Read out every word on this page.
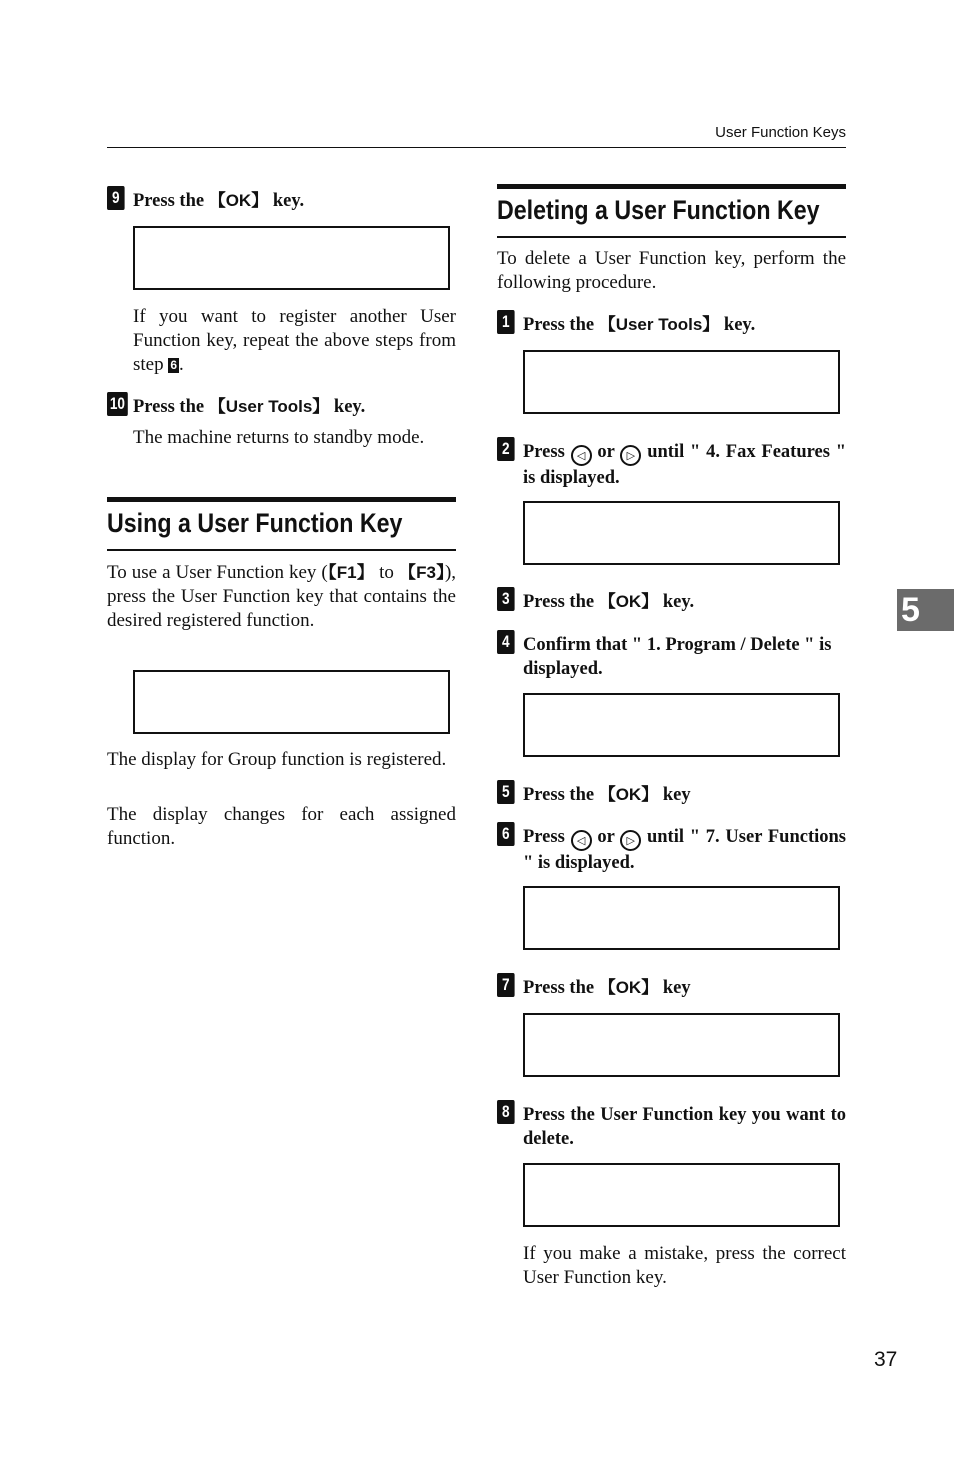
User Function Keys
9 Press the 【OK】 key.

If you want to register another User Function key, repeat the above steps from step 6 .
10 Press the 【User Tools】 key.
The machine returns to standby mode.
Using a User Function Key
To use a User Function key (【F1】 to 【F3】), press the User Function key that contains the desired registered function.

The display for Group function is registered.
The display changes for each assigned function.
Deleting a User Function Key
To delete a User Function key, perform the following procedure.
1 Press the 【User Tools】 key.

2 Press ◁ or ▷ until " 4. Fax Features " is displayed.

3 Press the 【OK】 key.
4 Confirm that " 1. Program / Delete " is displayed.

5 Press the 【OK】 key
6 Press ◁ or ▷ until " 7. User Functions " is displayed.

7 Press the 【OK】 key

8 Press the User Function key you want to delete.

If you make a mistake, press the correct User Function key.
5
37
